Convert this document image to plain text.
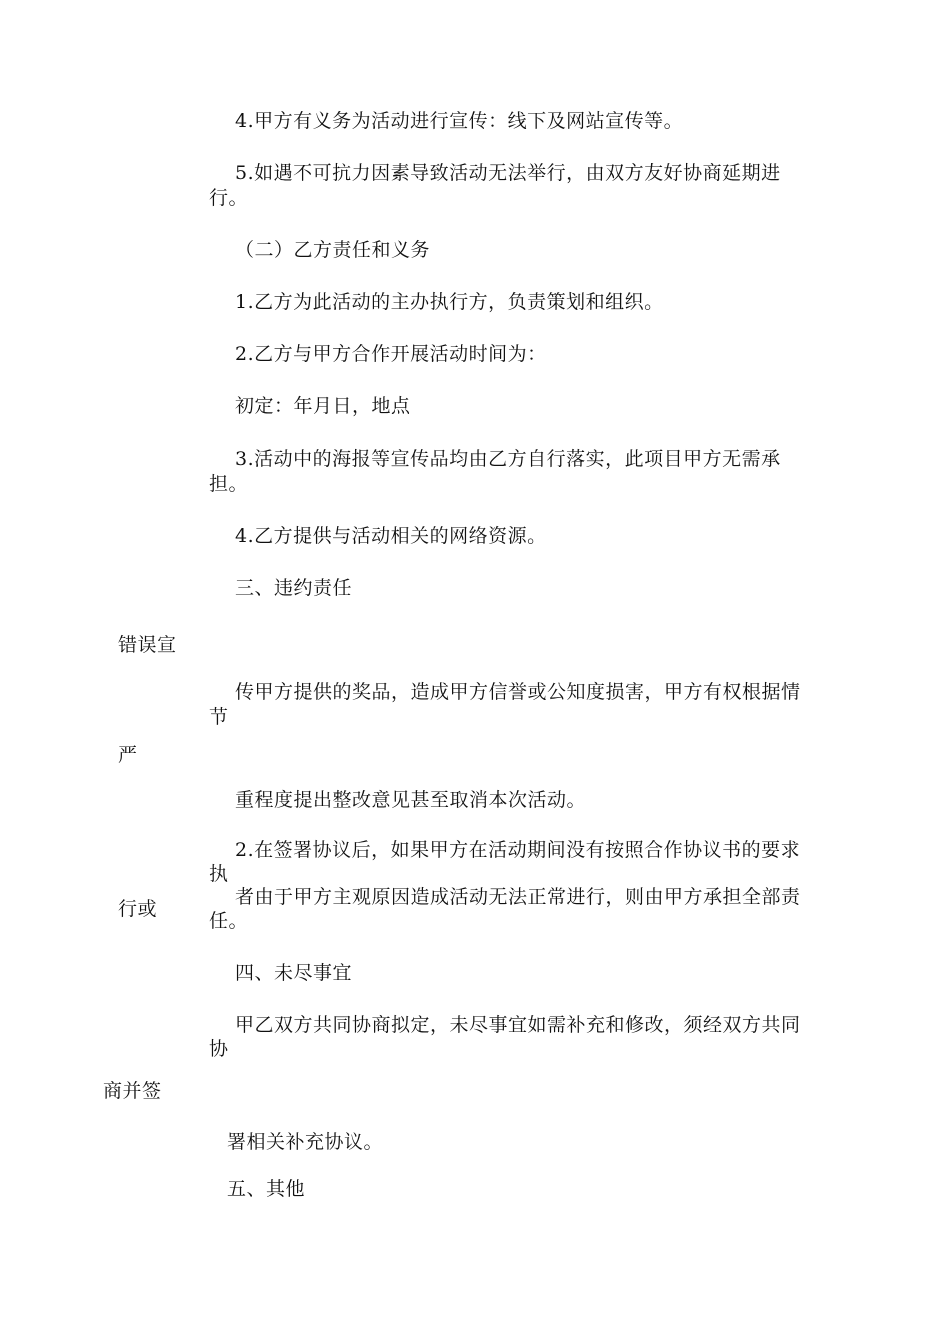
4.甲方有义务为活动进行宣传：线下及网站宣传等。
5.如遇不可抗力因素导致活动无法举行，由双方友好协商延期进
行。
（二）乙方责任和义务
1.乙方为此活动的主办执行方，负责策划和组织。
2.乙方与甲方合作开展活动时间为：
初定：年月日，地点
3.活动中的海报等宣传品均由乙方自行落实，此项目甲方无需承
担。
4.乙方提供与活动相关的网络资源。
三、违约责任
错误宣
传甲方提供的奖品，造成甲方信誉或公知度损害，甲方有权根据情
节
严
重程度提出整改意见甚至取消本次活动。
2.在签署协议后，如果甲方在活动期间没有按照合作协议书的要求
执
行或
者由于甲方主观原因造成活动无法正常进行，则由甲方承担全部责
任。
四、未尽事宜
甲乙双方共同协商拟定，未尽事宜如需补充和修改，须经双方共同
协
商并签
署相关补充协议。
五、其他
